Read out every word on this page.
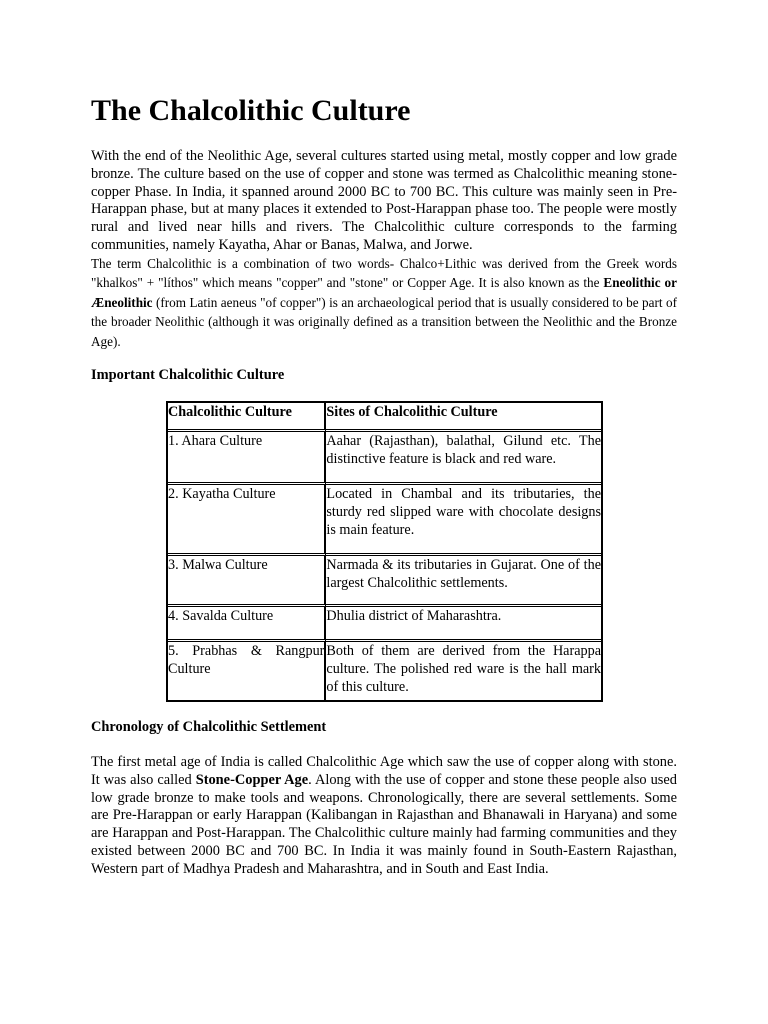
The Chalcolithic Culture

With the end of the Neolithic Age, several cultures started using metal, mostly copper and low grade bronze. The culture based on the use of copper and stone was termed as Chalcolithic meaning stone-copper Phase. In India, it spanned around 2000 BC to 700 BC. This culture was mainly seen in Pre-Harappan phase, but at many places it extended to Post-Harappan phase too. The people were mostly rural and lived near hills and rivers. The Chalcolithic culture corresponds to the farming communities, namely Kayatha, Ahar or Banas, Malwa, and Jorwe.

The term Chalcolithic is a combination of two words- Chalco+Lithic was derived from the Greek words "khalkos" + "líthos" which means "copper" and "stone" or Copper Age. It is also known as the Eneolithic or Æneolithic (from Latin aeneus "of copper") is an archaeological period that is usually considered to be part of the broader Neolithic (although it was originally defined as a transition between the Neolithic and the Bronze Age).

Important Chalcolithic Culture

Chalcolithic Culture	Sites of Chalcolithic Culture
1. Ahara Culture	Aahar (Rajasthan), balathal, Gilund etc. The distinctive feature is black and red ware.
2. Kayatha Culture	Located in Chambal and its tributaries, the sturdy red slipped ware with chocolate designs is main feature.
3. Malwa Culture	Narmada & its tributaries in Gujarat. One of the largest Chalcolithic settlements.
4. Savalda Culture	Dhulia district of Maharashtra.
5. Prabhas & Rangpur Culture	Both of them are derived from the Harappa culture. The polished red ware is the hall mark of this culture.

Chronology of Chalcolithic Settlement

The first metal age of India is called Chalcolithic Age which saw the use of copper along with stone. It was also called Stone-Copper Age. Along with the use of copper and stone these people also used low grade bronze to make tools and weapons. Chronologically, there are several settlements. Some are Pre-Harappan or early Harappan (Kalibangan in Rajasthan and Bhanawali in Haryana) and some are Harappan and Post-Harappan. The Chalcolithic culture mainly had farming communities and they existed between 2000 BC and 700 BC. In India it was mainly found in South-Eastern Rajasthan, Western part of Madhya Pradesh and Maharashtra, and in South and East India.
